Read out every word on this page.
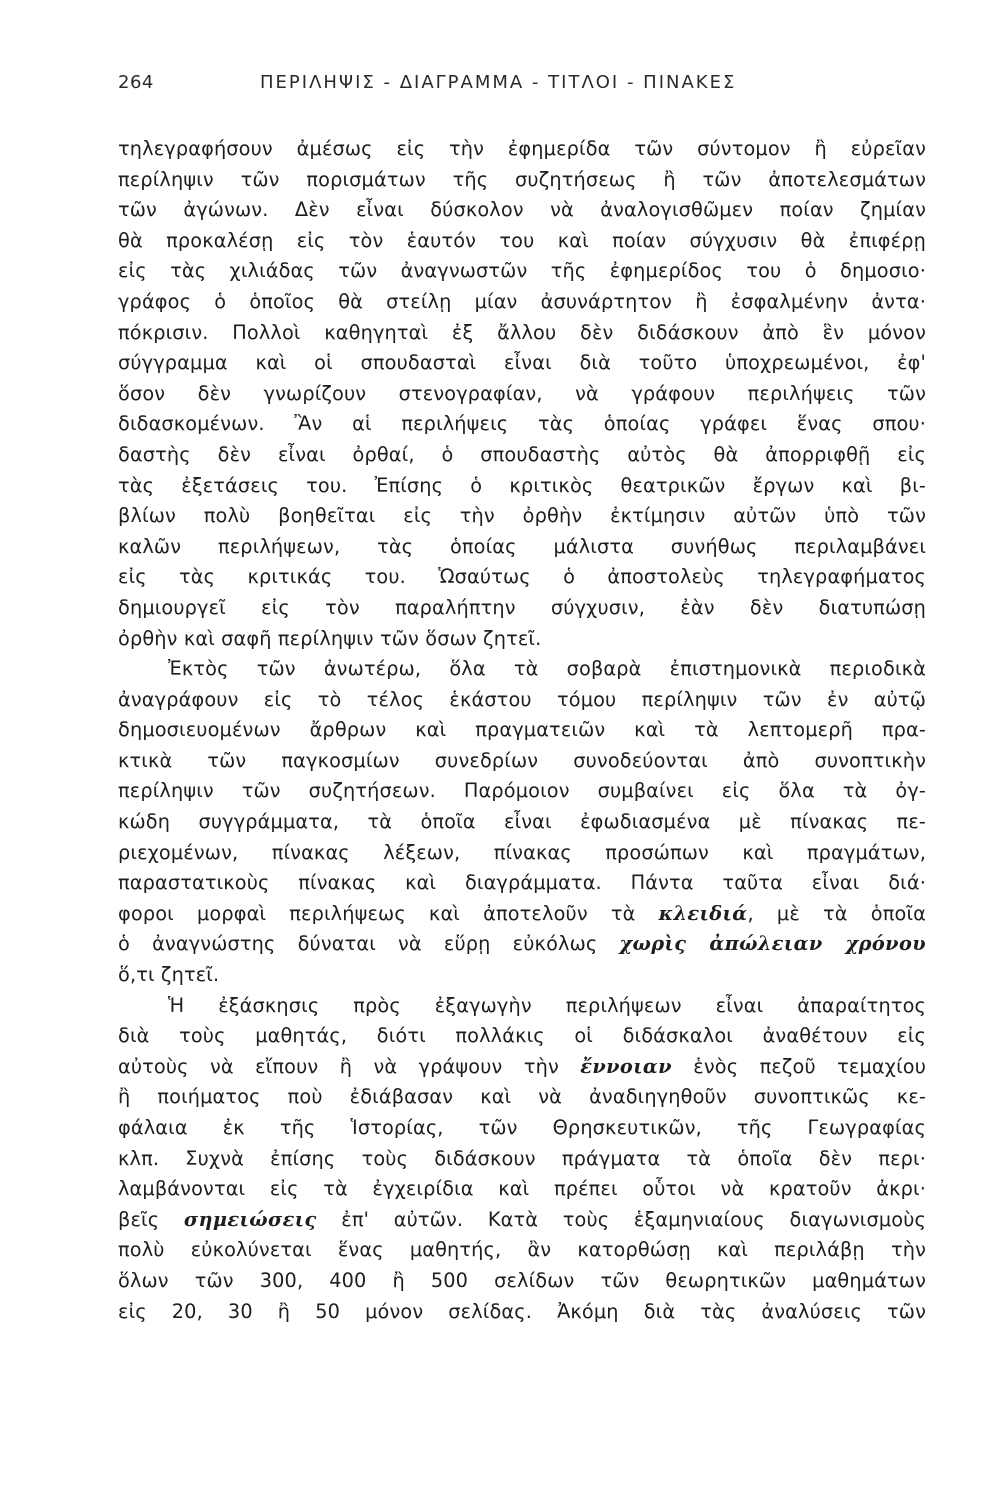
264	ΠΕΡΙΛΗΨΙΣ - ΔΙΑΓΡΑΜΜΑ - ΤΙΤΛΟΙ - ΠΙΝΑΚΕΣ
τηλεγραφήσουν ἀμέσως εἰς τὴν ἐφημερίδα τῶν σύντομον ἢ εὐρεῖαν
περίληψιν τῶν πορισμάτων τῆς συζητήσεως ἢ τῶν ἀποτελεσμάτων
τῶν ἀγώνων. Δὲν εἶναι δύσκολον νὰ ἀναλογισθῶμεν ποίαν ζημίαν
θὰ προκαλέσῃ εἰς τὸν ἑαυτόν του καὶ ποίαν σύγχυσιν θὰ ἐπιφέρῃ
εἰς τὰς χιλιάδας τῶν ἀναγνωστῶν τῆς ἐφημερίδος του ὁ δημοσιο·
γράφος ὁ ὁποῖος θὰ στείλῃ μίαν ἀσυνάρτητον ἢ ἐσφαλμένην ἀντα·
πόκρισιν. Πολλοὶ καθηγηταὶ ἐξ ἄλλου δὲν διδάσκουν ἀπὸ ἓν μόνον
σύγγραμμα καὶ οἱ σπουδασταὶ εἶναι διὰ τοῦτο ὑποχρεωμένοι, ἐφ'
ὅσον δὲν γνωρίζουν στενογραφίαν, νὰ γράφουν περιλήψεις τῶν
διδασκομένων. Ἂν αἱ περιλήψεις τὰς ὁποίας γράφει ἕνας σπου·
δαστὴς δὲν εἶναι ὀρθαί, ὁ σπουδαστὴς αὐτὸς θὰ ἀπορριφθῇ εἰς
τὰς ἐξετάσεις του. Ἐπίσης ὁ κριτικὸς θεατρικῶν ἔργων καὶ βι-
βλίων πολὺ βοηθεῖται εἰς τὴν ὀρθὴν ἐκτίμησιν αὐτῶν ὑπὸ τῶν
καλῶν περιλήψεων, τὰς ὁποίας μάλιστα συνήθως περιλαμβάνει
εἰς τὰς κριτικάς του. Ὡσαύτως ὁ ἀποστολεὺς τηλεγραφήματος
δημιουργεῖ εἰς τὸν παραλήπτην σύγχυσιν, ἐὰν δὲν διατυπώσῃ
ὀρθὴν καὶ σαφῆ περίληψιν τῶν ὅσων ζητεῖ.
Ἐκτὸς τῶν ἀνωτέρω, ὅλα τὰ σοβαρὰ ἐπιστημονικὰ περιοδικὰ
ἀναγράφουν εἰς τὸ τέλος ἑκάστου τόμου περίληψιν τῶν ἐν αὐτῷ
δημοσιευομένων ἄρθρων καὶ πραγματειῶν καὶ τὰ λεπτομερῆ πρα-
κτικὰ τῶν παγκοσμίων συνεδρίων συνοδεύονται ἀπὸ συνοπτικὴν
περίληψιν τῶν συζητήσεων. Παρόμοιον συμβαίνει εἰς ὅλα τὰ ὀγ-
κώδη συγγράμματα, τὰ ὁποῖα εἶναι ἐφωδιασμένα μὲ πίνακας πε-
ριεχομένων, πίνακας λέξεων, πίνακας προσώπων καὶ πραγμάτων,
παραστατικοὺς πίνακας καὶ διαγράμματα. Πάντα ταῦτα εἶναι διά·
φοροι μορφαὶ περιλήψεως καὶ ἀποτελοῦν τὰ κλειδιά, μὲ τὰ ὁποῖα
ὁ ἀναγνώστης δύναται νὰ εὕρῃ εὐκόλως χωρὶς ἀπώλειαν χρόνου
ὅ,τι ζητεῖ.
Ἡ ἐξάσκησις πρὸς ἐξαγωγὴν περιλήψεων εἶναι ἀπαραίτητος
διὰ τοὺς μαθητάς, διότι πολλάκις οἱ διδάσκαλοι ἀναθέτουν εἰς
αὐτοὺς νὰ εἴπουν ἢ νὰ γράψουν τὴν ἔννοιαν ἑνὸς πεζοῦ τεμαχίου
ἢ ποιήματος ποὺ ἐδιάβασαν καὶ νὰ ἀναδιηγηθοῦν συνοπτικῶς κε-
φάλαια ἐκ τῆς Ἱστορίας, τῶν Θρησκευτικῶν, τῆς Γεωγραφίας
κλπ. Συχνὰ ἐπίσης τοὺς διδάσκουν πράγματα τὰ ὁποῖα δὲν περι·
λαμβάνονται εἰς τὰ ἐγχειρίδια καὶ πρέπει οὗτοι νὰ κρατοῦν ἀκρι·
βεῖς σημειώσεις ἐπ' αὐτῶν. Κατὰ τοὺς ἑξαμηνιαίους διαγωνισμοὺς
πολὺ εὐκολύνεται ἕνας μαθητής, ἂν κατορθώσῃ καὶ περιλάβῃ τὴν
ὅλων τῶν 300, 400 ἢ 500 σελίδων τῶν θεωρητικῶν μαθημάτων
εἰς 20, 30 ἢ 50 μόνον σελίδας. Ἀκόμη διὰ τὰς ἀναλύσεις τῶν
